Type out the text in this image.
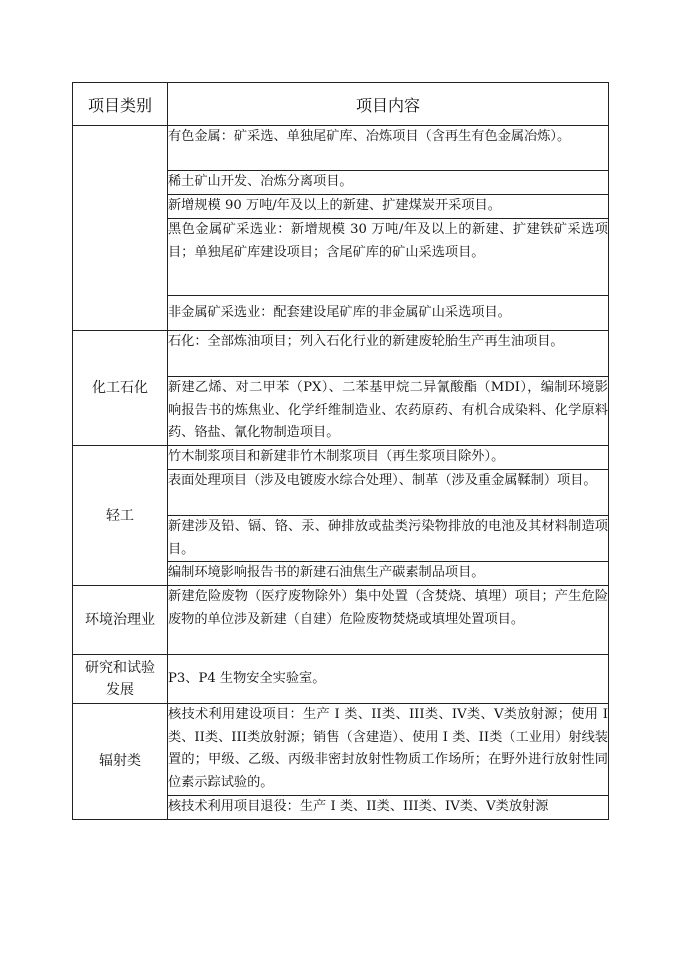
项目类别	项目内容
	有色金属：矿采选、单独尾矿库、冶炼项目（含再生有色金属冶炼）。
	稀土矿山开发、冶炼分离项目。
	新增规模 90 万吨/年及以上的新建、扩建煤炭开采项目。
	黑色金属矿采选业：新增规模 30 万吨/年及以上的新建、扩建铁矿采选项目；单独尾矿库建设项目；含尾矿库的矿山采选项目。
	非金属矿采选业：配套建设尾矿库的非金属矿山采选项目。
化工石化	石化：全部炼油项目；列入石化行业的新建废轮胎生产再生油项目。
	新建乙烯、对二甲苯（PX）、二苯基甲烷二异氰酸酯（MDI），编制环境影响报告书的炼焦业、化学纤维制造业、农药原药、有机合成染料、化学原料药、铬盐、氰化物制造项目。
轻工	竹木制浆项目和新建非竹木制浆项目（再生浆项目除外）。
	表面处理项目（涉及电镀废水综合处理）、制革（涉及重金属鞣制）项目。
	新建涉及铅、镉、铬、汞、砷排放或盐类污染物排放的电池及其材料制造项目。
	编制环境影响报告书的新建石油焦生产碳素制品项目。
环境治理业	新建危险废物（医疗废物除外）集中处置（含焚烧、填埋）项目；产生危险废物的单位涉及新建（自建）危险废物焚烧或填埋处置项目。
研究和试验发展	P3、P4 生物安全实验室。
辐射类	核技术利用建设项目：生产 I 类、II类、III类、IV类、V类放射源；使用 I 类、II类、III类放射源；销售（含建造）、使用 I 类、II类（工业用）射线装置的；甲级、乙级、丙级非密封放射性物质工作场所；在野外进行放射性同位素示踪试验的。
	核技术利用项目退役：生产 I 类、II类、III类、IV类、V类放射源
